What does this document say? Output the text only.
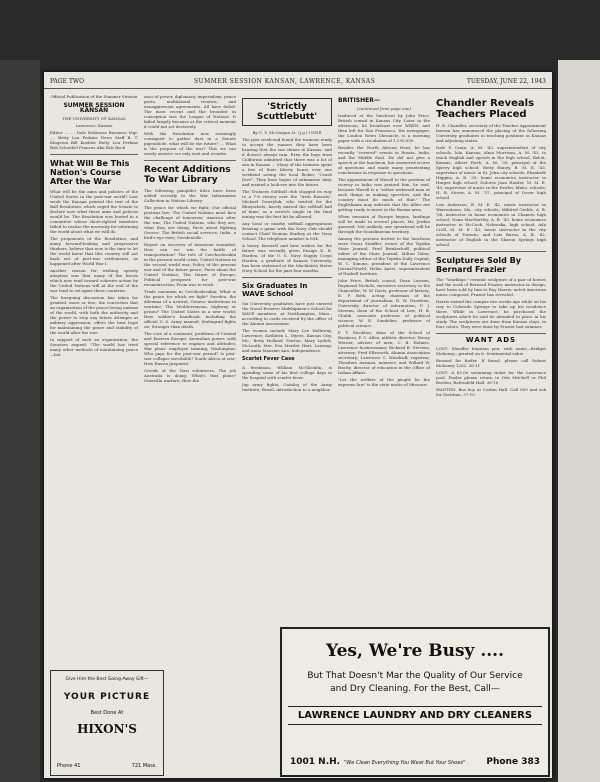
PAGE TWO	SUMMER SESSION KANSAN, LAWRENCE, KANSAS	TUESDAY, JUNE 22, 1943

Official Publication of the Summer Session

SUMMER SESSION KANSAN

THE UNIVERSITY OF KANSAS

Lawrence, Kansas

Editor ........ Dale Robinson Business Mgr. .... Betty Lou Perkins News Staff B. T. Kingston Bill Koehler Betty Lou Perkins Bob Schoebel Frances Ahn Bob Bock

What Will Be This Nation's Course After the War

What will be the aims and policies of the United States in the post-war world? Last week the Kansan printed the text of the Ball Resolution, which urged the Senate to declare now what those aims and policies would be. The Resolution was buried in a committee whose short-sighted members failed to realize the necessity for informing the world about what we will do.

The proponents of the Resolution, and many forward-looking and progressive thinkers, believe that now is the time to let the world know that this country will not back out of post-war settlements, as happened after World War I.

Another reason for wishing speedy adoption was that many of the forces which now tend toward cohesive action by the United Nations will at the end of the war tend to set apart these countries.

The foregoing discussion has taken for granted, more or less, the conviction that an organization of the peace-loving nations of the world, with both the authority and the power to stop any future attempts at military aggression, offers the best hope for maintaining the peace and stability of the world after the war.

In support of such an organization, the Senators argued: "The world has tried many other methods of maintaining peace—bal-

ance of power, diplomacy, imperialism, peace pacts, multilateral treaties, and nonaggression agreements. All have failed. The most recent and the broadest in conception was the League of Nations. It failed largely because at the critical moment it could not act decisively.

With the Resolution now seemingly consigned to gather dust in a Senate pigeonhole, what will be the future? ... What is the purpose of the war? This we can surely answer: we only wait and wonder.

Recent Additions To War Library

The following pamphlet titles have been added recently to the War Information Collection in Watson Library:

The peace for which we fight; Our official postwar law; The United Nations must face the challenge of tomorrow; America after the war; The United Nations, who they are, what they are doing; Facts about fighting Greece; The British social services; India, a bird's-eye view; Swedenville.

Report on recovery of American wounded; How can we win the battle of transportation? The role of Czechoslovakia in the present world crisis; United Nations in the second world war; Policy of the present war and of the future peace; Facts about the United Nations; The future of Europe; Political prospects for post-war reconstruction; From war to work.

Trade unionism in Czechoslovakia; What is the peace for which we fight? Sweden, the dilemma of a neutral; Geneva institutions in wartime; The Mediterranean, highway or prison? The United States in a new world; How soldier's handbook, including the official U. S. Army manual; Stalingrad fights on; Stronger than death.

The core of a continent; problems of Central and Eastern Europe; Australian power, with special reference to engines and altitudes; War plans' employee training; Washington: Who pays for the post-war period? Is post-war collapse inevitable? South Africa at war; How Russia prepared.

Creeds of the Nazi volunteers; The job Australia is doing; What's that plane? Guerrilla warfare; How the

'Strictly Scuttlebutt'

By C. V. McGuigan Lt. (j.g.) USNR

The past week-end found the trainees ready to accept the rumors they have been hearing that the sun shines in Kansas, and it doesn't always rain. Even the boys from California admitted that there was a lot of sun in Kansas ... Many of the trainees spent a few of their liberty hours over one weekend seeing the local flicker, "Crash Dive". They have hopes of submarine duty, and wanted a look-see into the future.

The Trainees Softball club slugged its way to a 7-6 victory over the "Irish Rascals". Michael Gowryluk, who twirled for the Bluejackets, barely missed the softball hall of fame, as a scratch single in the final inning was the first hit he allowed.

Any local or nearby softball aggregations desiring a game with the Navy club should contact Chief Yeoman Starkey at the Navy School. The telephone number is 694.

A heavy farewell and best wishes for the future was recently given Ensign K. R. Harden, of the U. S. Navy Supply Corps Harden, a graduate of Kansas University, has been stationed at the Machinists Mates Navy School for the past four months.

Six Graduates In WAVE School

Six University graduates have just entered the Naval Reserve Midshipmen's School for WAVE members, at Northampton, Mass., according to cards received by the office of the Alumni Association.

The women include Mary Lee Holloway, Lawrence; Kathleen L. Myers, Kansas City, Mo.; Betty Holland, Norton; Mary Lydick, McLouth; Mrs. Eva Meisler Hart, Lansing; and Anna Maurine Ann, Independence.

Scarlet Fever Case

A freshman, William McGlochlin, is spending some of his first college days in the hospital with scarlet fever.

Jap army fights; Catalog of the Army Institute; Brazil, introduction to a neighbor.

BRITISHER—

(continued from page one)

traduced at the luncheon by John Price, British consul in Kansas City. Later in the afternoon, he broadcast over WREN, and then left for San Francisco. His newspaper, the London News Chronicle, is a morning paper with a circulation of 1,290,000.

Besides the North African front, he has recently "covered" events in Russia, India, and the Middle East. He did not give a speech at the luncheon, but answered scores of questions and made many penetrating conclusions in response to questions.

The appointment of Wavell to the position of viceroy in India was praised him, he said, because Wavell is a "rather awkward man at such things as making speeches, and the country must do much of that." The Englishmen may indicate that the Allies are getting ready to move in the Burma area.

When invasion of Europe begins, landings will be made in several places, Mr. Jordan guessed. Not unlikely, one spearhead will be through the Scandinavian territory.

Among the persons invited to the luncheon were Oscar Stauffer, owner of the Topeka State Journal; Fred Brinkerhoff, political editor of the State Journal; Milton Tabor, managing editor of the Topeka Daily Capital; W. C. Simons, president of the Lawrence Journal-World; Helen Ayers, superintendent of Haskell Institute.

John Price, British consul; Dean Lawson, Raymond Nichols, executive secretary to the Chancellor; W. W. Davis, professor of history; E. P. Beth, acting chairman of the department of journalism; R. W. Davidson, University director of information; F. J. Moreau, dean of the School of Law; H. B. Chubb, associate professor of political science; W. E. Sandelius, professor of political science.

F. T. Stockton, dean of the School of Business; F. C. Allen, athletic director; Henry Werner, adviser of men; C. B. Holmes, Lawrence businessman; Richard B. Stevens, attorney; Fred Ellsworth, Alumni Association secretary; Lawrence C. Woodruff, registrar; Theodore Aszman, minister; and Willard W. Beatty, director of education in the Office of Indian Affairs.

"Let the welfare of the people be the supreme law" is the state motto of Missouri.

Chandler Reveals Teachers Placed

H. E. Chandler, secretary of the Teacher Appointment bureau has announced the placing of the following University graduates in teaching positions in Kansas and adjoining states:

Dale P. Crain, A. M. '43, superintendent of city schools, Iola, Kansas; Alma Morrison, A. M. '43, to teach English and speech in the high school, Beloit, Kansas; Albert Forth, A. M. '39, principal of the Spivey high school; Betty Haney, B. M. E. '43, supervisor of music in St. John city schools; Elizabeth Higgins, A. B. '39, home economics instructor in Harper high school; Dolores Jean Haisler, M. M. E. '43, supervisor of music in the Fowler, Idaho, schools; H. B. Stover, A. M. '37, principal of Dover high school.

Lois Anderson, B. M. E. '42, music instructor in Warrentown, Mo., city schools; Mildred Grable, A. B. '38, instructor in home economics in Chanute high school; Nona MacHartley, A. B. '43, home economics instructor in McCook, Nebraska, high school; Ada Croll, M. M. E. '43, music instructor in the city schools of Toronto; and Lois Burns, A. B. '42, instructor of English in the Sharon Springs high school.

Sculptures Sold By Bernard Frazier

The "Yearlings," ceramic sculpture of a pair of horses and the work of Bernard Frazier, instructor in design, have been sold by him to Roy Harris, noted American music composer, Frazier has revealed.

Harris visited the campus two weeks ago while on his way to Colorado Springs to take up his residence there. While in Lawrence, he purchased the sculptures which he said he intended to place in his study. The sculptures are done from Kansas clays, in four colors. They were done by Frazier last summer.

WANT ADS

LOST: Sheaffer fountain pen, with name—Bridget Mohoney—printed on it. Sentimental value.

Reward for finder. If found, please call Robert Mohoney 1262. 36-11

LOST: A $3.00 swimming ticket for the Lawrence pool. Finder please return to Otis Mitchell or Phil Borden, Battenfeld Hall. 36-10

WANTED: Bus boy at Corbin Hall. Call 800 and ask for Dietitian. 37-10

Give Him the Best Going-Away Gift—
YOUR PICTURE
Best Done At
HIXON'S
Phone 41	721 Mass.
Yes, We're Busy ....
But That Doesn't Mar the Quality of Our Service
and Dry Cleaning. For the Best, Call—
LAWRENCE LAUNDRY AND DRY CLEANERS
1001 N.H. "We Clean Everything You Wear But Your Shoes" Phone 383
